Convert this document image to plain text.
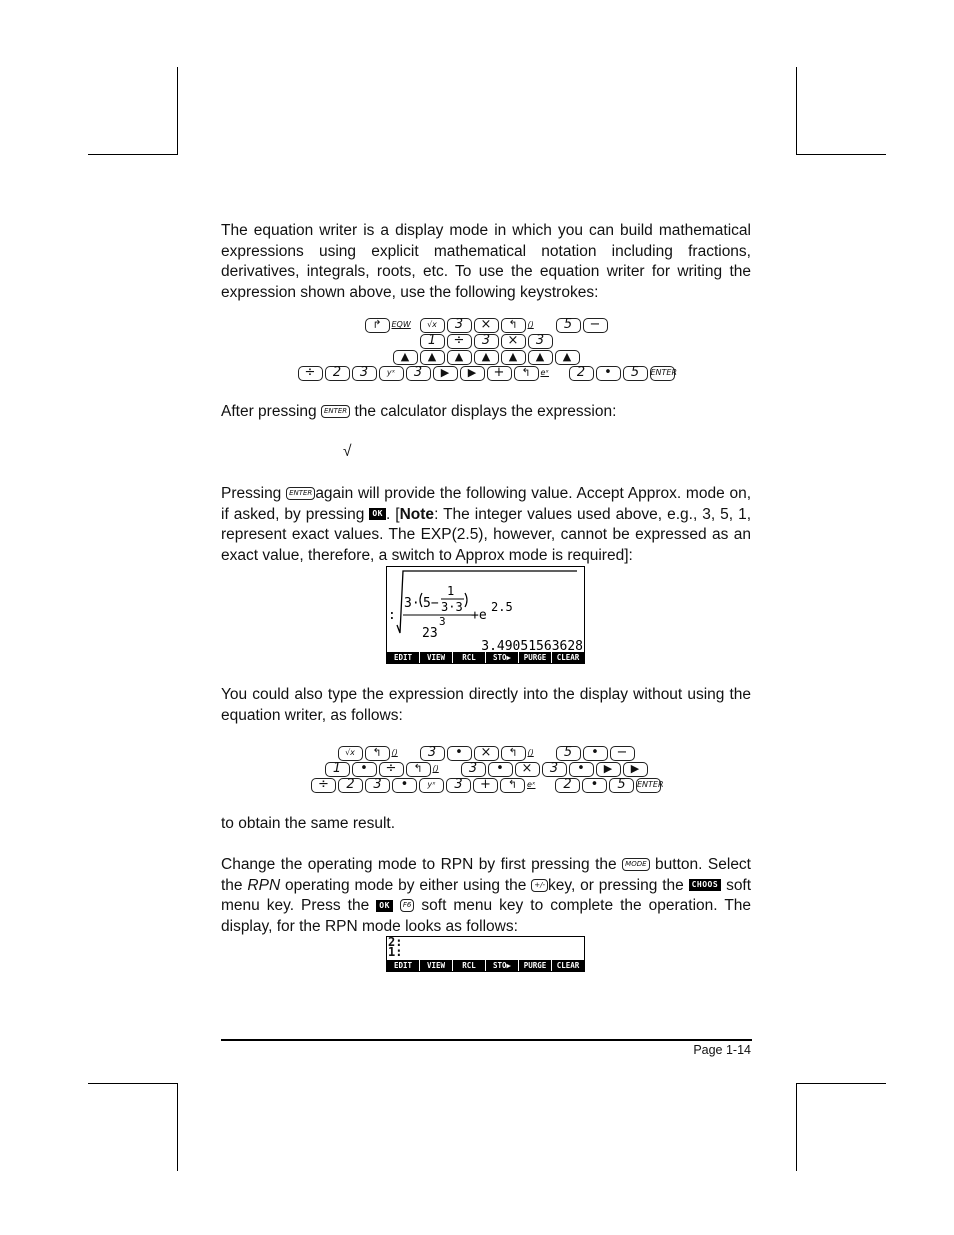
The equation writer is a display mode in which you can build mathematical expressions using explicit mathematical notation including fractions, derivatives, integrals, roots, etc. To use the equation writer for writing the expression shown above, use the following keystrokes:
↱ EQW √x 3 × ↰ () 5 −
1 ÷ 3 × 3
▲ ▲ ▲ ▲ ▲ ▲ ▲
÷ 2 3 yˣ 3 ▶ ▶ + ↰ eˣ 2 • 5 ENTER
After pressing ENTER the calculator displays the expression:
√
Pressing ENTER again will provide the following value. Accept Approx. mode on, if asked, by pressing OK . [Note: The integer values used above, e.g., 3, 5, 1, represent exact values. The EXP(2.5), however, cannot be expressed as an exact value, therefore, a switch to Approx mode is required]:
:
3· 5−
1
3·3
3
23
+e
2.5
3.49051563628
EDIT	VIEW	RCL	STO▶	PURGE	CLEAR
You could also type the expression directly into the display without using the equation writer, as follows:
√x ↰ () 3 • × ↰ () 5 • −
1 • ÷ ↰ () 3 • × 3 • ▶ ▶
÷ 2 3 • yˣ 3 + ↰ eˣ 2 • 5 ENTER
to obtain the same result.
Change the operating mode to RPN by first pressing the MODE button. Select the RPN operating mode by either using the +/- key, or pressing the CHOOS soft menu key. Press the OK F6 soft menu key to complete the operation. The display, for the RPN mode looks as follows:
2:
1:
EDIT	VIEW	RCL	STO▶	PURGE	CLEAR
Page 1-14
